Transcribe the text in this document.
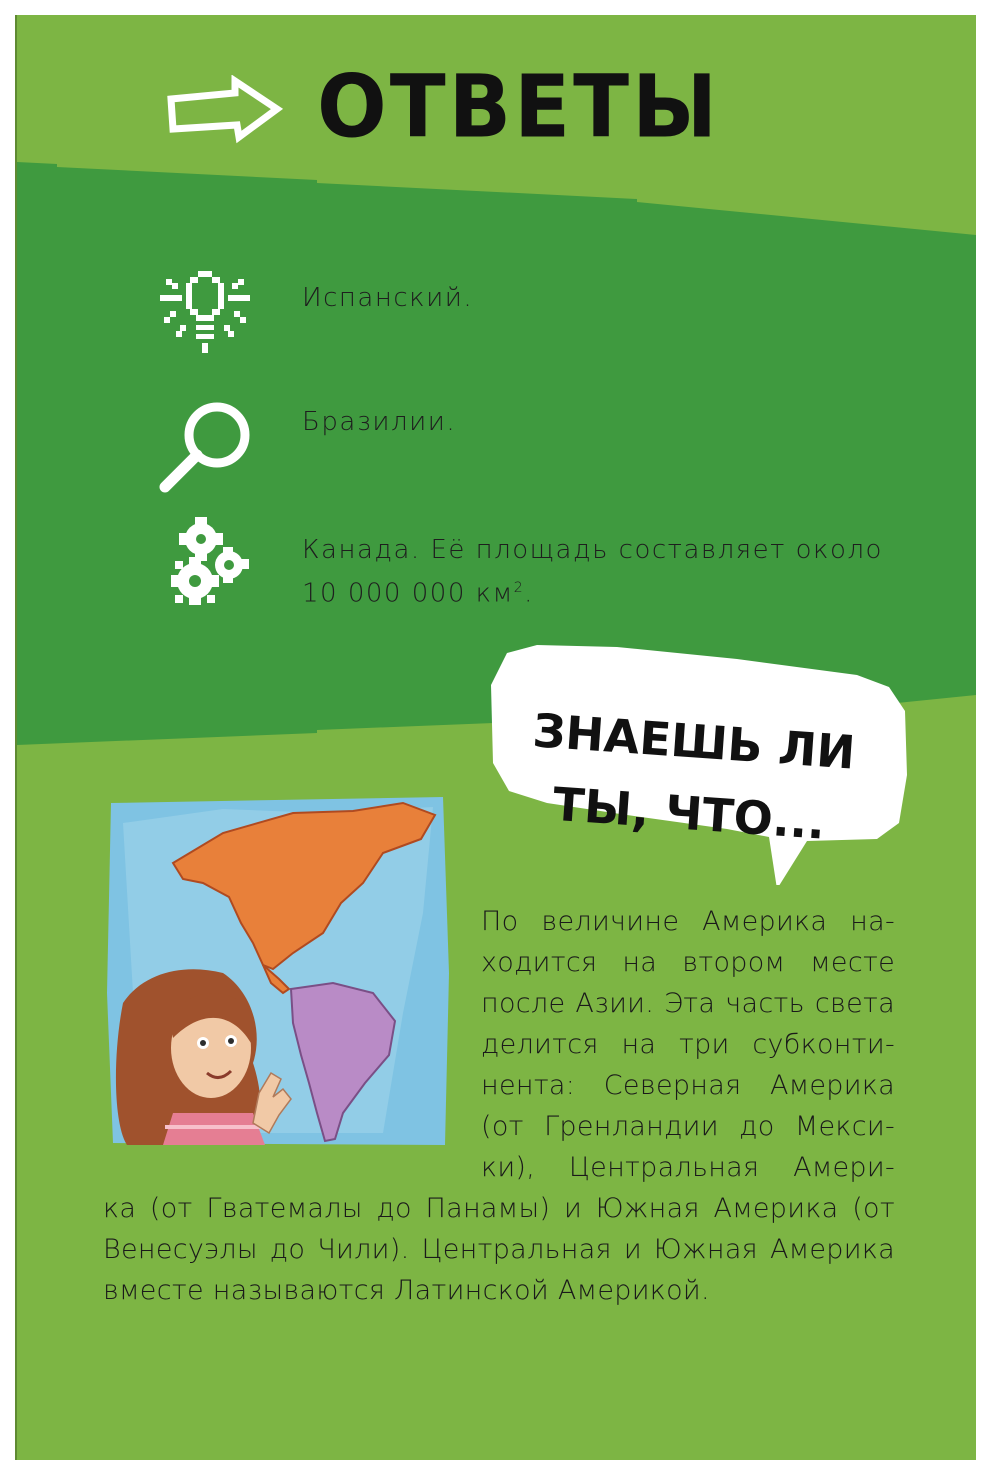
ОТВЕТЫ
Испанский.
Бразилии.
Канада. Её площадь составляет около
10 000 000 $км^2$.
ЗНАЕШЬ ЛИ
ТЫ, ЧТО...

По величине Америка на-

ходится на втором месте

после Азии. Эта часть света

делится на три субконти-

нента: Северная Америка

(от Гренландии до Мекси-

ки), Центральная Амери-

ка (от Гватемалы до Панамы) и Южная Америка (от

Венесуэлы до Чили). Центральная и Южная Америка

вместе называются Латинской Америкой.
